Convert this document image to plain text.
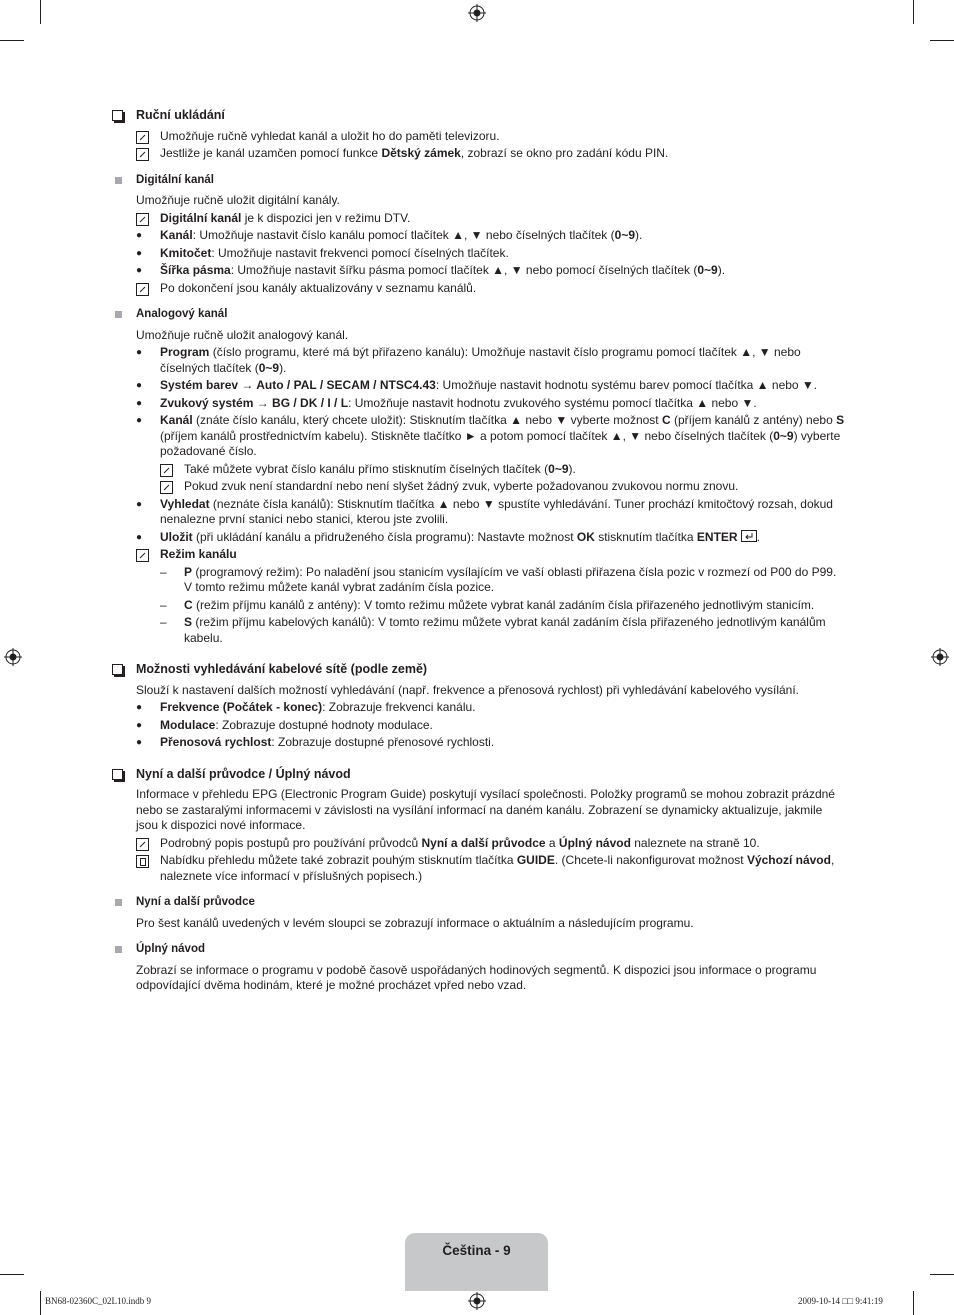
Ruční ukládání
Umožňuje ručně vyhledat kanál a uložit ho do paměti televizoru.
Jestliže je kanál uzamčen pomocí funkce Dětský zámek, zobrazí se okno pro zadání kódu PIN.
Digitální kanál
Umožňuje ručně uložit digitální kanály.
Digitální kanál je k dispozici jen v režimu DTV.
●	Kanál: Umožňuje nastavit číslo kanálu pomocí tlačítek ▲, ▼ nebo číselných tlačítek (0~9).
●	Kmitočet: Umožňuje nastavit frekvenci pomocí číselných tlačítek.
●	Šířka pásma: Umožňuje nastavit šířku pásma pomocí tlačítek ▲, ▼ nebo pomocí číselných tlačítek (0~9).
Po dokončení jsou kanály aktualizovány v seznamu kanálů.
Analogový kanál
Umožňuje ručně uložit analogový kanál.
●	Program (číslo programu, které má být přiřazeno kanálu): Umožňuje nastavit číslo programu pomocí tlačítek ▲, ▼ nebo číselných tlačítek (0~9).
●	Systém barev → Auto / PAL / SECAM / NTSC4.43: Umožňuje nastavit hodnotu systému barev pomocí tlačítka ▲ nebo ▼.
●	Zvukový systém → BG / DK / I / L: Umožňuje nastavit hodnotu zvukového systému pomocí tlačítka ▲ nebo ▼.
●	Kanál (znáte číslo kanálu, který chcete uložit): Stisknutím tlačítka ▲ nebo ▼ vyberte možnost C (příjem kanálů z antény) nebo S (příjem kanálů prostřednictvím kabelu). Stiskněte tlačítko ► a potom pomocí tlačítek ▲, ▼ nebo číselných tlačítek (0~9) vyberte požadované číslo.
Také můžete vybrat číslo kanálu přímo stisknutím číselných tlačítek (0~9).
Pokud zvuk není standardní nebo není slyšet žádný zvuk, vyberte požadovanou zvukovou normu znovu.
●	Vyhledat (neznáte čísla kanálů): Stisknutím tlačítka ▲ nebo ▼ spustíte vyhledávání. Tuner prochází kmitočtový rozsah, dokud nenalezne první stanici nebo stanici, kterou jste zvolili.
●	Uložit (při ukládání kanálu a přidruženého čísla programu): Nastavte možnost OK stisknutím tlačítka ENTER .
Režim kanálu
–	P (programový režim): Po naladění jsou stanicím vysílajícím ve vaší oblasti přiřazena čísla pozic v rozmezí od P00 do P99. V tomto režimu můžete kanál vybrat zadáním čísla pozice.
–	C (režim příjmu kanálů z antény): V tomto režimu můžete vybrat kanál zadáním čísla přiřazeného jednotlivým stanicím.
–	S (režim příjmu kabelových kanálů): V tomto režimu můžete vybrat kanál zadáním čísla přiřazeného jednotlivým kanálům kabelu.
Možnosti vyhledávání kabelové sítě (podle země)
Slouží k nastavení dalších možností vyhledávání (např. frekvence a přenosová rychlost) při vyhledávání kabelového vysílání.
●	Frekvence (Počátek - konec): Zobrazuje frekvenci kanálu.
●	Modulace: Zobrazuje dostupné hodnoty modulace.
●	Přenosová rychlost: Zobrazuje dostupné přenosové rychlosti.
Nyní a další průvodce / Úplný návod
Informace v přehledu EPG (Electronic Program Guide) poskytují vysílací společnosti. Položky programů se mohou zobrazit prázdné nebo se zastaralými informacemi v závislosti na vysílání informací na daném kanálu. Zobrazení se dynamicky aktualizuje, jakmile jsou k dispozici nové informace.
Podrobný popis postupů pro používání průvodců Nyní a další průvodce a Úplný návod naleznete na straně 10.
Nabídku přehledu můžete také zobrazit pouhým stisknutím tlačítka GUIDE. (Chcete-li nakonfigurovat možnost Výchozí návod, naleznete více informací v příslušných popisech.)
Nyní a další průvodce
Pro šest kanálů uvedených v levém sloupci se zobrazují informace o aktuálním a následujícím programu.
Úplný návod
Zobrazí se informace o programu v podobě časově uspořádaných hodinových segmentů. K dispozici jsou informace o programu odpovídající dvěma hodinám, které je možné procházet vpřed nebo vzad.
Čeština - 9
BN68-02360C_02L10.indb 9	2009-10-14 □□ 9:41:19
